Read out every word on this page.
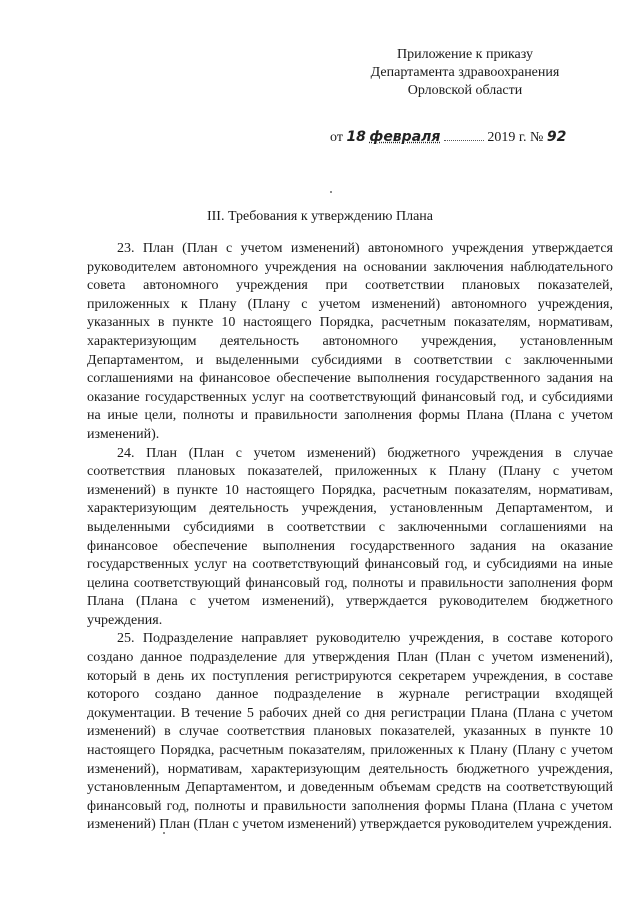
Приложение к приказу
Департамента здравоохранения
Орловской области
от 18 февраля	2019 г. № 92
III. Требования к утверждению Плана

23. План (План с учетом изменений) автономного учреждения утверждается руководителем автономного учреждения на основании заключения наблюдательного совета автономного учреждения при соответствии плановых показателей, приложенных к Плану (Плану с учетом изменений) автономного учреждения, указанных в пункте 10 настоящего Порядка, расчетным показателям, нормативам, характеризующим деятельность автономного учреждения, установленным Департаментом, и выделенными субсидиями в соответствии с заключенными соглашениями на финансовое обеспечение выполнения государственного задания на оказание государственных услуг на соответствующий финансовый год, и субсидиями на иные цели, полноты и правильности заполнения формы Плана (Плана с учетом изменений).

24. План (План с учетом изменений) бюджетного учреждения в случае соответствия плановых показателей, приложенных к Плану (Плану с учетом изменений) в пункте 10 настоящего Порядка, расчетным показателям, нормативам, характеризующим деятельность учреждения, установленным Департаментом, и выделенными субсидиями в соответствии с заключенными соглашениями на финансовое обеспечение выполнения государственного задания на оказание государственных услуг на соответствующий финансовый год, и субсидиями на иные целина соответствующий финансовый год, полноты и правильности заполнения форм Плана (Плана с учетом изменений), утверждается руководителем бюджетного учреждения.

25. Подразделение направляет руководителю учреждения, в составе которого создано данное подразделение для утверждения План (План с учетом изменений), который в день их поступления регистрируются секретарем учреждения, в составе которого создано данное подразделение в журнале регистрации входящей документации. В течение 5 рабочих дней со дня регистрации Плана (Плана с учетом изменений) в случае соответствия плановых показателей, указанных в пункте 10 настоящего Порядка, расчетным показателям, приложенных к Плану (Плану с учетом изменений), нормативам, характеризующим деятельность бюджетного учреждения, установленным Департаментом, и доведенным объемам средств на соответствующий финансовый год, полноты и правильности заполнения формы Плана (Плана с учетом изменений) План (План с учетом изменений) утверждается руководителем учреждения.
